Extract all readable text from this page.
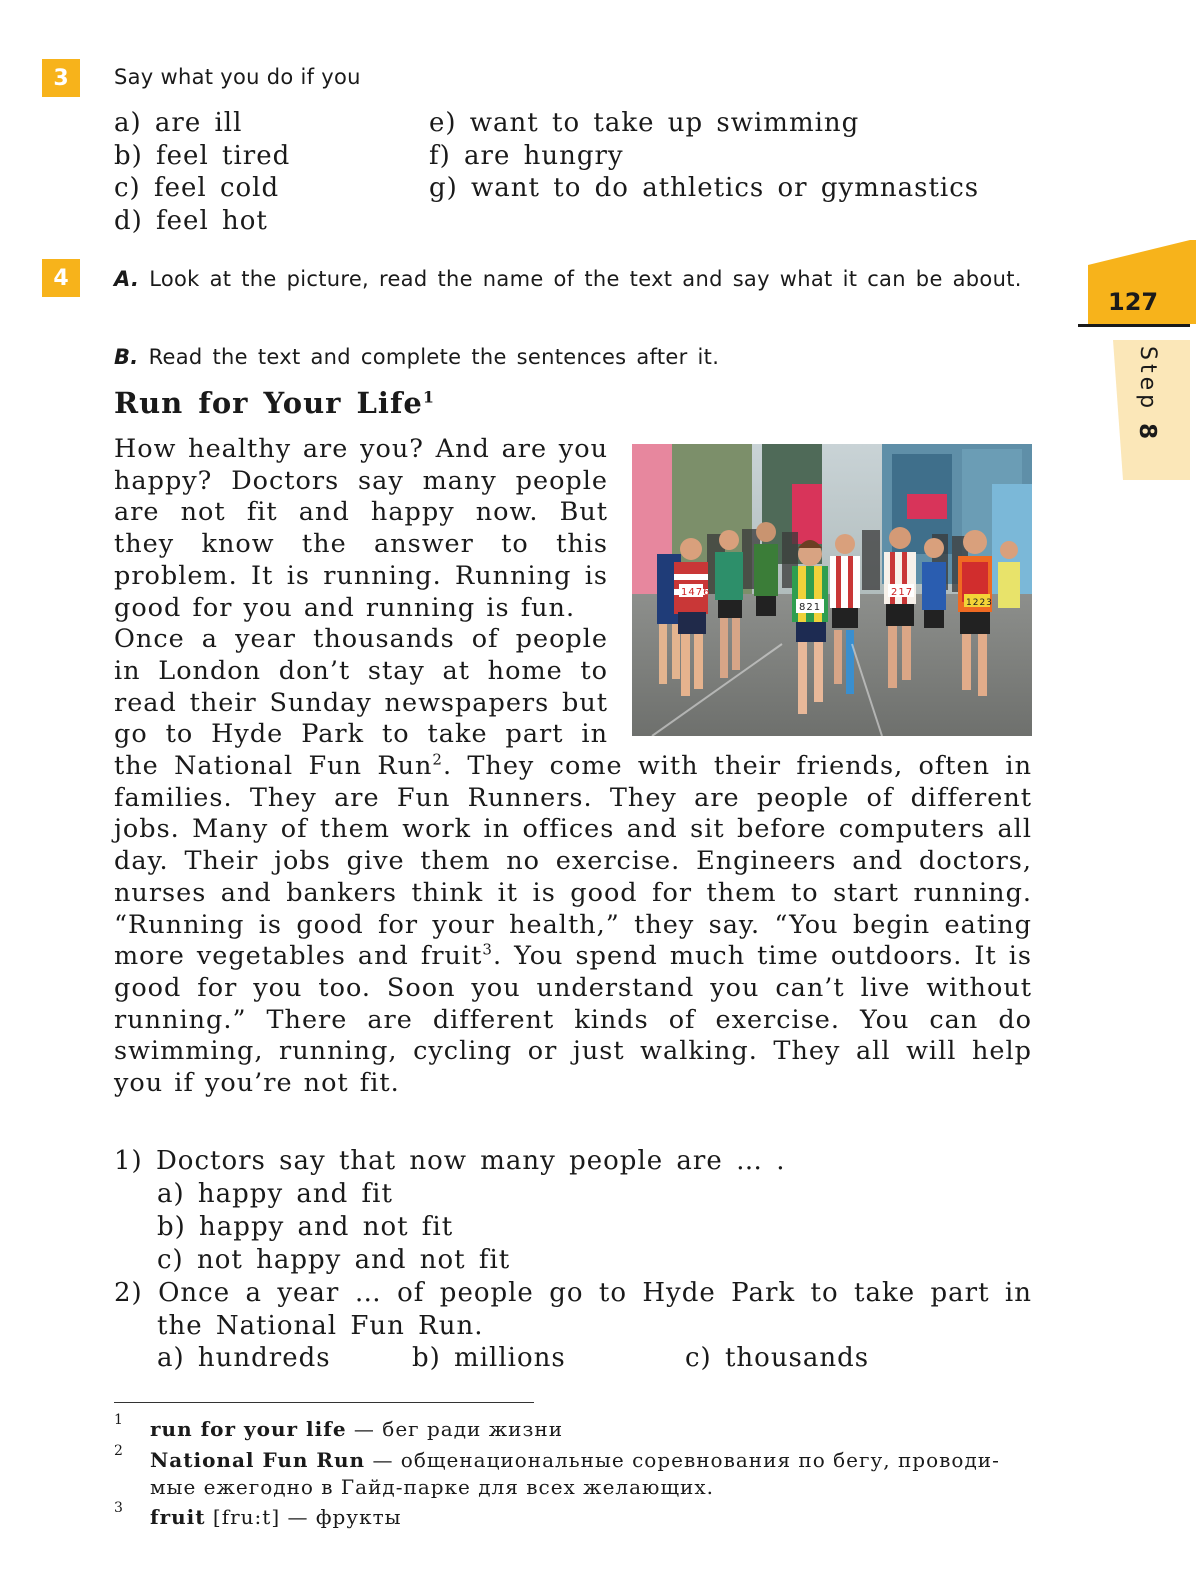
3	Say what you do if you
a) are ill
b) feel tired
c) feel cold
d) feel hot
e) want to take up swimming
f) are hungry
g) want to do athletics or gymnastics
4	A. Look at the picture, read the name of the text and say what it can be about.
B. Read the text and complete the sentences after it.
Run for Your Life$^1$
1476
821
217
1223

How healthy are you? And are you happy? Doctors say many people are not fit and happy now. But they know the answer to this problem. It is running. Running is good for you and running is fun.

Once a year thousands of people in London don’t stay at home to read their Sunday newspapers but go to Hyde Park to take part in the National Fun Run$^2$. They come with their friends, often in families. They are Fun Runners. They are people of different jobs. Many of them work in offices and sit before computers all day. Their jobs give them no exercise. Engineers and doctors, nurses and bankers think it is good for them to start running. “Running is good for your health,” they say. “You begin eating more vegetables and fruit$^3$. You spend much time outdoors. It is good for you too. Soon you understand you can’t live without running.” There are different kinds of exercise. You can do swimming, running, cycling or just walking. They all will help you if you’re not fit.

1) Doctors say that now many people are … .
a) happy and fit
b) happy and not fit
c) not happy and not fit
2) Once a year … of people go to Hyde Park to take part in
the National Fun Run.
a) hundreds	b) millions	c) thousands
1 run for your life — бег ради жизни
2 National Fun Run — общенациональные соревнования по бегу, проводи-
мые ежегодно в Гайд-парке для всех желающих.
3 fruit [fru:t] — фрукты
127
Step 8
